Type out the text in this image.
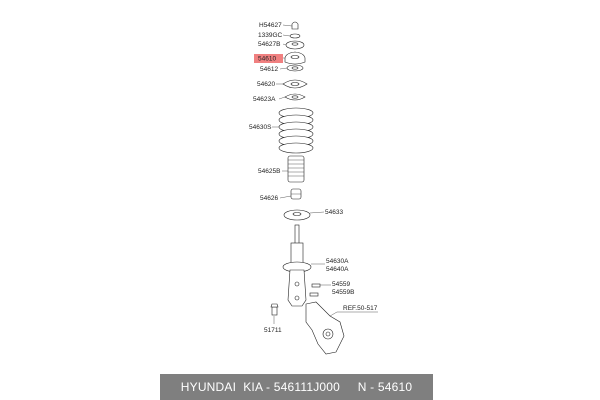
H54627
1339GC
54627B
54610
54612
54620
54623A
54630S
54625B
54626
54633
54630A
54640A
54559
54559B
REF.50-517
51711
HYUNDAI  KIA - 546111J000     N - 54610
